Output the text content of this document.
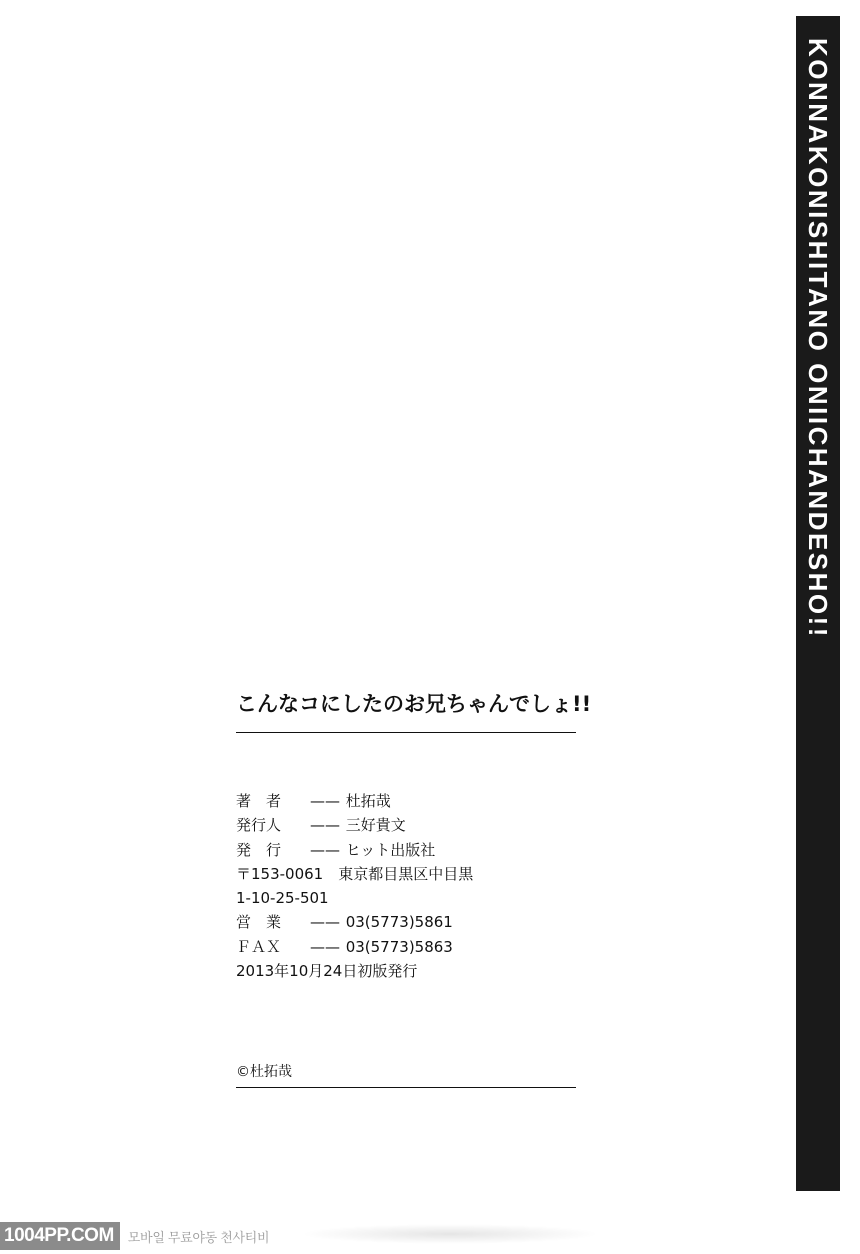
KONNAKONISHITANO ONIICHANDESHO!!
こんなコにしたのお兄ちゃんでしょ!!
著　者	——	杜拓哉
発行人	——	三好貴文
発　行	——	ヒット出版社
〒153-0061　東京都目黒区中目黒		
1-10-25-501		
営　業	——	03(5773)5861
ＦＡＸ	——	03(5773)5863
2013年10月24日初版発行		
©杜拓哉
1004PP.COM	모바일 무료야동 천사티비
